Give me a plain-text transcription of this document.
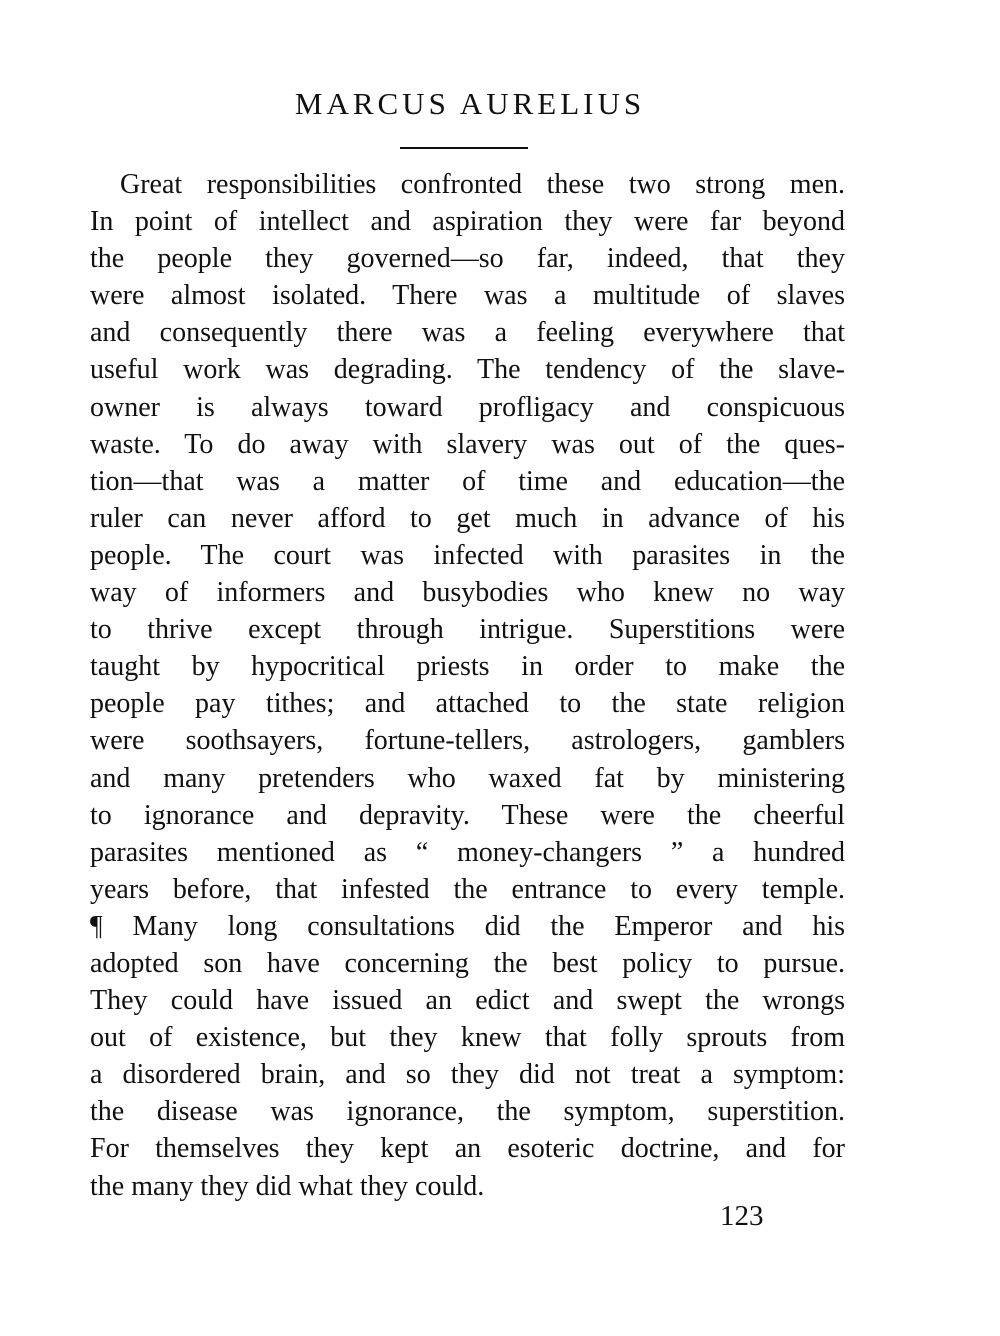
MARCUS AURELIUS
Great responsibilities confronted these two strong men.
In point of intellect and aspiration they were far beyond
the people they governed—so far, indeed, that they
were almost isolated. There was a multitude of slaves
and consequently there was a feeling everywhere that
useful work was degrading. The tendency of the slave-
owner is always toward profligacy and conspicuous
waste. To do away with slavery was out of the ques-
tion—that was a matter of time and education—the
ruler can never afford to get much in advance of his
people. The court was infected with parasites in the
way of informers and busybodies who knew no way
to thrive except through intrigue. Superstitions were
taught by hypocritical priests in order to make the
people pay tithes; and attached to the state religion
were soothsayers, fortune-tellers, astrologers, gamblers
and many pretenders who waxed fat by ministering
to ignorance and depravity. These were the cheerful
parasites mentioned as “ money-changers ” a hundred
years before, that infested the entrance to every temple.
¶ Many long consultations did the Emperor and his
adopted son have concerning the best policy to pursue.
They could have issued an edict and swept the wrongs
out of existence, but they knew that folly sprouts from
a disordered brain, and so they did not treat a symptom:
the disease was ignorance, the symptom, superstition.
For themselves they kept an esoteric doctrine, and for
the many they did what they could.
123
